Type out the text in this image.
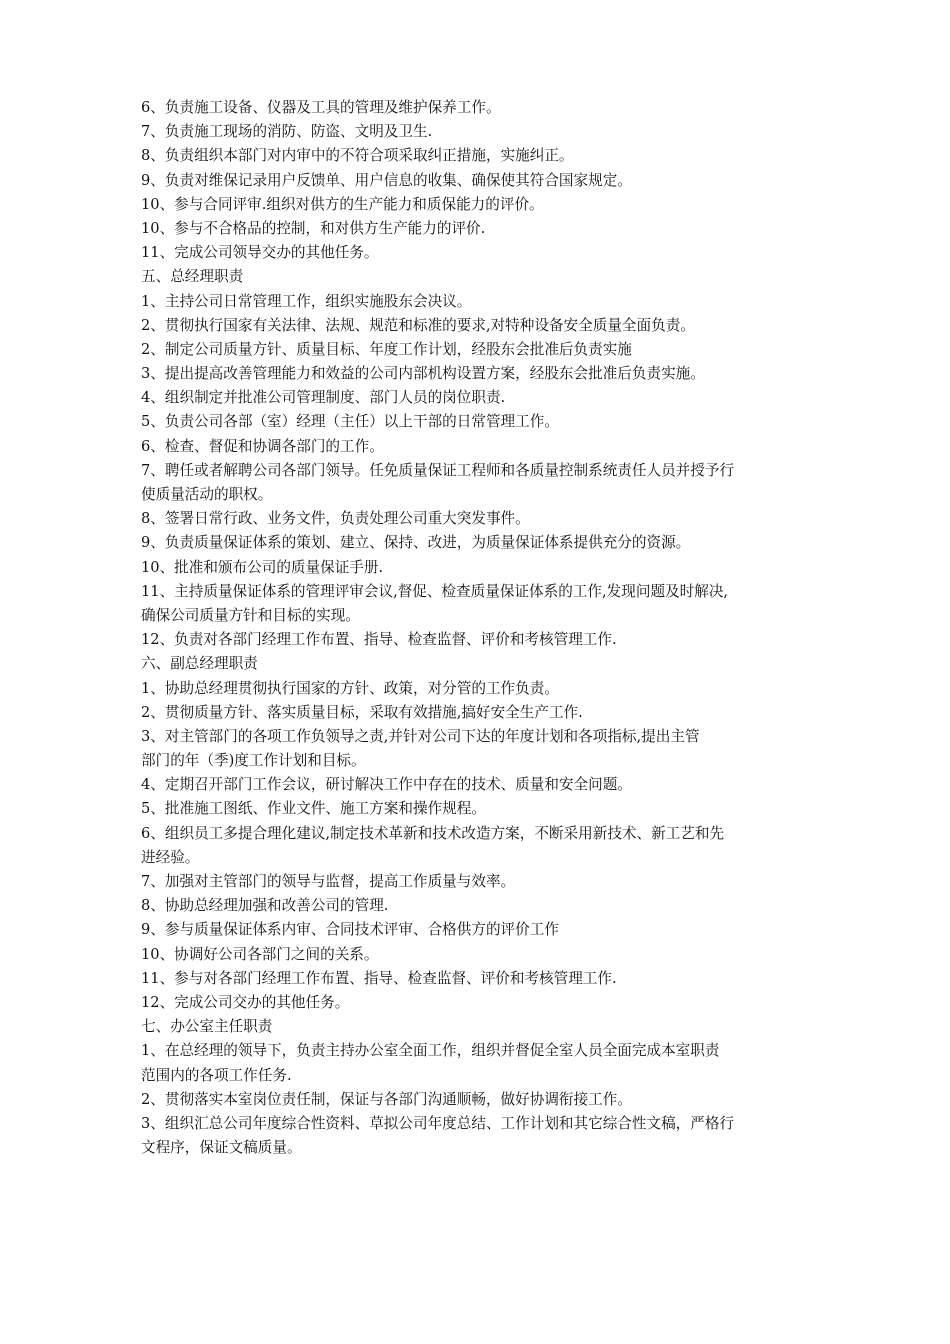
6、负责施工设备、仪器及工具的管理及维护保养工作。
7、负责施工现场的消防、防盗、文明及卫生.
8、负责组织本部门对内审中的不符合项采取纠正措施，实施纠正。
9、负责对维保记录用户反馈单、用户信息的收集、确保使其符合国家规定。
10、参与合同评审.组织对供方的生产能力和质保能力的评价。
10、参与不合格品的控制，和对供方生产能力的评价.
11、完成公司领导交办的其他任务。
五、总经理职责
1、主持公司日常管理工作，组织实施股东会决议。
2、贯彻执行国家有关法律、法规、规范和标准的要求,对特种设备安全质量全面负责。
2、制定公司质量方针、质量目标、年度工作计划，经股东会批准后负责实施
3、提出提高改善管理能力和效益的公司内部机构设置方案，经股东会批准后负责实施。
4、组织制定并批准公司管理制度、部门人员的岗位职责.
5、负责公司各部（室）经理（主任）以上干部的日常管理工作。
6、检查、督促和协调各部门的工作。
7、聘任或者解聘公司各部门领导。任免质量保证工程师和各质量控制系统责任人员并授予行
使质量活动的职权。
8、签署日常行政、业务文件，负责处理公司重大突发事件。
9、负责质量保证体系的策划、建立、保持、改进，为质量保证体系提供充分的资源。
10、批准和颁布公司的质量保证手册.
11、主持质量保证体系的管理评审会议,督促、检查质量保证体系的工作,发现问题及时解决,
确保公司质量方针和目标的实现。
12、负责对各部门经理工作布置、指导、检查监督、评价和考核管理工作.
六、副总经理职责
1、协助总经理贯彻执行国家的方针、政策，对分管的工作负责。
2、贯彻质量方针、落实质量目标，采取有效措施,搞好安全生产工作.
3、对主管部门的各项工作负领导之责,并针对公司下达的年度计划和各项指标,提出主管
部门的年（季)度工作计划和目标。
4、定期召开部门工作会议，研讨解决工作中存在的技术、质量和安全问题。
5、批准施工图纸、作业文件、施工方案和操作规程。
6、组织员工多提合理化建议,制定技术革新和技术改造方案，不断采用新技术、新工艺和先
进经验。
7、加强对主管部门的领导与监督，提高工作质量与效率。
8、协助总经理加强和改善公司的管理.
9、参与质量保证体系内审、合同技术评审、合格供方的评价工作
10、协调好公司各部门之间的关系。
11、参与对各部门经理工作布置、指导、检查监督、评价和考核管理工作.
12、完成公司交办的其他任务。
七、办公室主任职责
1、在总经理的领导下，负责主持办公室全面工作，组织并督促全室人员全面完成本室职责
范围内的各项工作任务.
2、贯彻落实本室岗位责任制，保证与各部门沟通顺畅，做好协调衔接工作。
3、组织汇总公司年度综合性资料、草拟公司年度总结、工作计划和其它综合性文稿，严格行
文程序，保证文稿质量。
